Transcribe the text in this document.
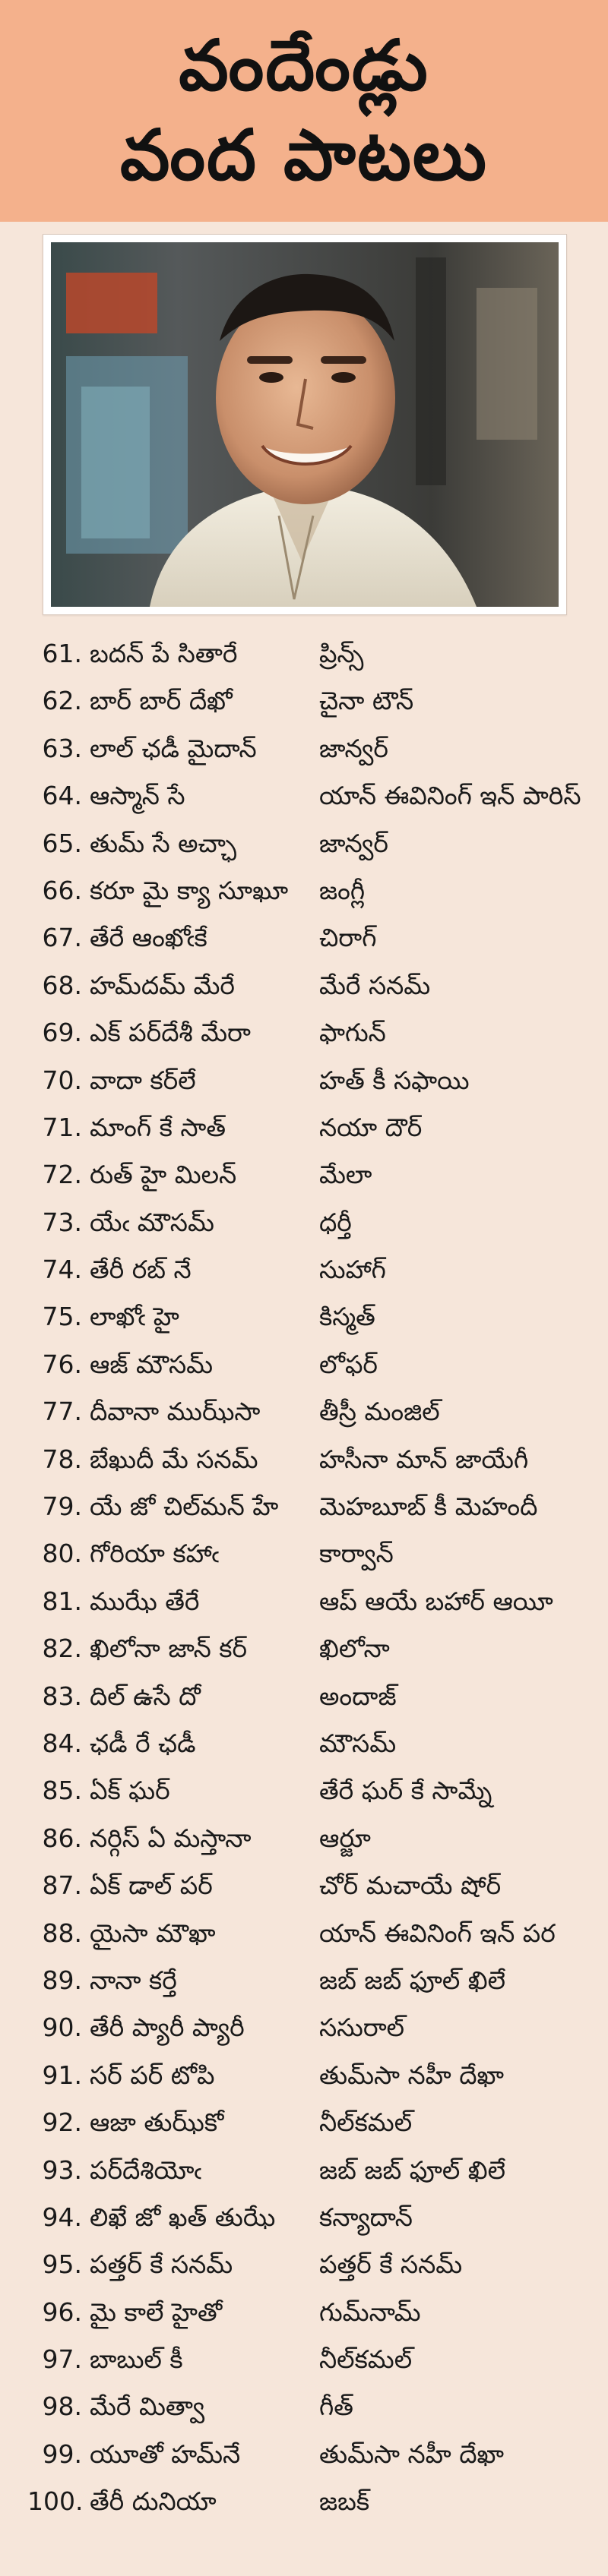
వందేండ్లు
వంద పాటలు
61. బదన్ పే సితారే	ప్రిన్స్
62. బార్ బార్ దేఖో	చైనా టౌన్
63. లాల్ ఛడీ మైదాన్	జాన్వర్
64. ఆస్మాన్ సే	యాన్ ఈవినింగ్ ఇన్ పారిస్
65. తుమ్ సే అచ్ఛా	జాన్వర్
66. కరూ మై క్యా సూఖూ	జంగ్లీ
67. తేరే ఆంఖోఁకే	చిరాగ్
68. హమ్‌దమ్ మేరే	మేరే సనమ్
69. ఎక్ పర్‌దేశీ మేరా	ఫాగున్
70. వాదా కర్‌లే	హత్ కీ సఫాయి
71. మాంగ్ కే సాత్	నయా దౌర్
72. రుత్ హై మిలన్	మేలా
73. యేఁ మౌసమ్	ధర్తీ
74. తేరీ రబ్ నే	సుహాగ్
75. లాఖోఁ హై	కిస్మత్
76. ఆజ్ మౌసమ్	లోఫర్
77. దీవానా ముఝ్‌సా	తీస్రీ మంజిల్
78. బేఖుదీ మే సనమ్	హసీనా మాన్ జాయేగీ
79. యే జో చిల్‌మన్ హే	మెహబూబ్ కీ మెహందీ
80. గోరియా కహాఁ	కార్వాన్
81. ముఝే తేరే	ఆప్ ఆయే బహార్ ఆయీ
82. ఖిలోనా జాన్ కర్	ఖిలోనా
83. దిల్ ఉసే దో	అందాజ్
84. ఛడీ రే ఛడీ	మౌసమ్
85. ఏక్ ఘర్	తేరే ఘర్ కే సామ్నే
86. నర్గిస్ ఏ మస్తానా	ఆర్జూ
87. ఏక్ డాల్ పర్	చోర్ మచాయే షోర్
88. యైసా మౌఖా	యాన్ ఈవినింగ్ ఇన్ పర
89. నానా కర్తే	జబ్ జబ్ ఫూల్ ఖిలే
90. తేరీ ప్యారీ ప్యారీ	ససురాల్
91. సర్ పర్ టోపి	తుమ్‌సా నహీ దేఖా
92. ఆజా తుఝ్‌కో	నీల్‌కమల్
93. పర్‌దేశియోఁ	జబ్ జబ్ ఫూల్ ఖిలే
94. లిఖే జో ఖత్ తుఝే	కన్యాదాన్
95. పత్తర్ కే సనమ్	పత్తర్ కే సనమ్
96. మై కాలే హైతో	గుమ్‌నామ్
97. బాబుల్ కీ	నీల్‌కమల్
98. మేరే మిత్వా	గీత్
99. యూతో హమ్‌నే	తుమ్‌సా నహీ దేఖా
100. తేరీ దునియా	జబక్
